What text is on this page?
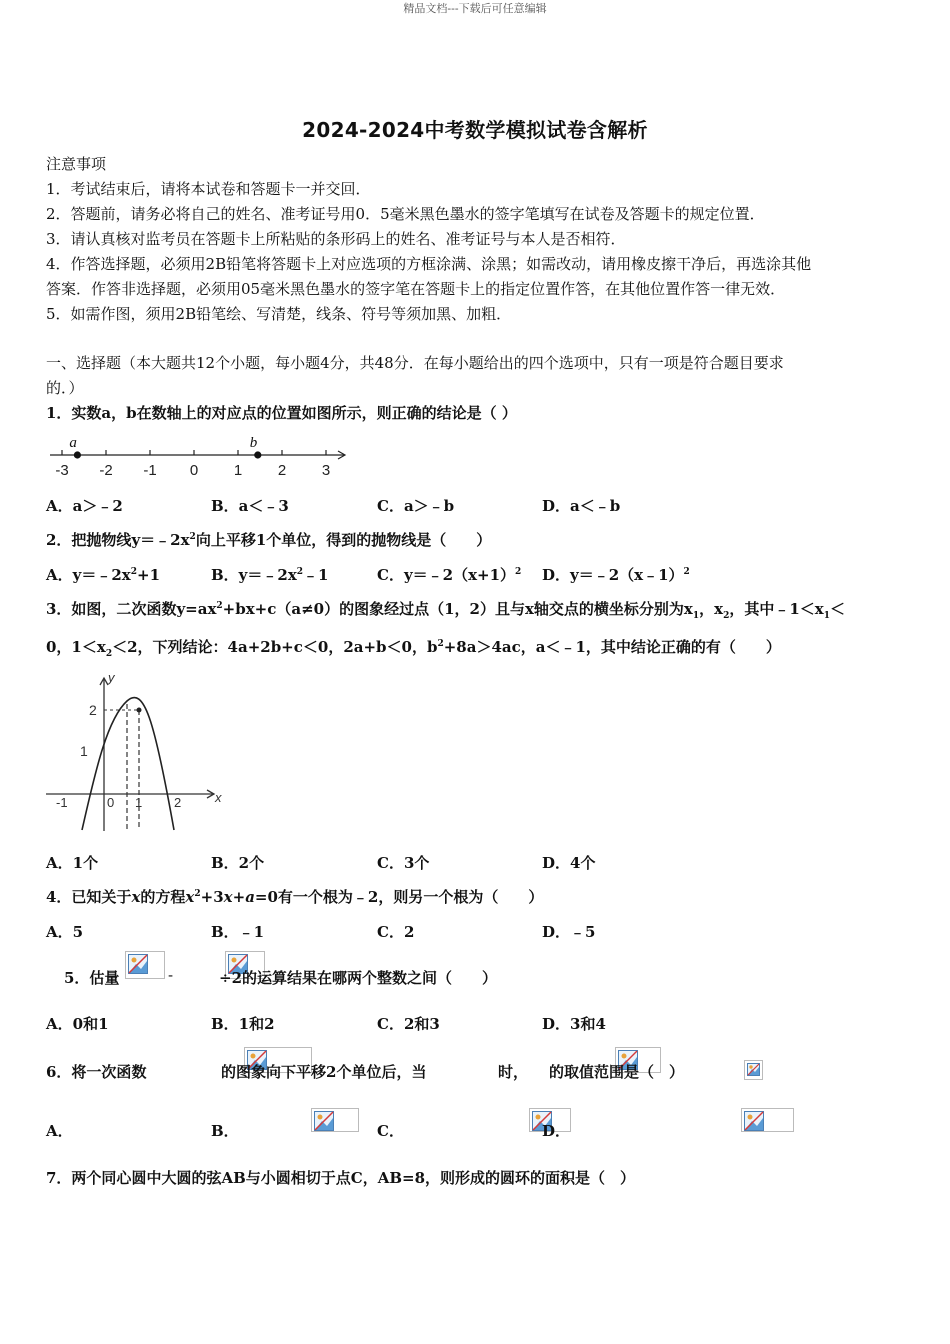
精品文档---下载后可任意编辑
2024-2024中考数学模拟试卷含解析
注意事项
1．考试结束后，请将本试卷和答题卡一并交回．
2．答题前，请务必将自己的姓名、准考证号用0．5毫米黑色墨水的签字笔填写在试卷及答题卡的规定位置．
3．请认真核对监考员在答题卡上所粘贴的条形码上的姓名、准考证号与本人是否相符．
4．作答选择题，必须用2B铅笔将答题卡上对应选项的方框涂满、涂黑；如需改动，请用橡皮擦干净后，再选涂其他
答案．作答非选择题，必须用05毫米黑色墨水的签字笔在答题卡上的指定位置作答，在其他位置作答一律无效．
5．如需作图，须用2B铅笔绘、写清楚，线条、符号等须加黑、加粗．
一、选择题（本大题共12个小题，每小题4分，共48分．在每小题给出的四个选项中，只有一项是符合题目要求
的．）
1．实数a，b在数轴上的对应点的位置如图所示，则正确的结论是（ ）
-3 -2 -1 0 1 2 3
a	b
A．a＞﹣2	B．a＜﹣3	C．a＞﹣b	D．a＜﹣b
2．把抛物线$y=﹣2x^2$向上平移1个单位，得到的抛物线是（　　）
A．$y=﹣2x^2+1$	B．$y=﹣2x^2﹣1$	C．$y=﹣2(x+1)^2$ D．y＝﹣2（x﹣1）$^2$
3．如图，二次函数$y=ax^2+bx+c(a\ne 0)$的图象经过点（1，2）且与x轴交点的横坐标分别为$x_1$，$x_2$，其中$﹣1<x_1<$
0，$1<x_2<2$，下列结论：4a+2b+c＜0，2a+b＜0，$b^2+8a>4ac$，a＜﹣1，其中结论正确的有（　　）
y
x
2
1
-1	0 1 2
A．1个	B．2个	C．3个	D．4个
4．已知关于x的方程$x^2+3x+a=0$有一个根为﹣2，则另一个根为（　　）
A．5	B．﹣1	C．2	D．﹣5
5．估量
	-
	÷2的运算结果在哪两个整数之间（　　）
A．0和1	B．1和2	C．2和3	D．3和4
6．将一次函数
	的图象向下平移2个单位后，当
	时，
的取值范围是（　）
A．
	B．
	C．
	D．
7．两个同心圆中大圆的弦AB与小圆相切于点C，AB=8，则形成的圆环的面积是（　）
